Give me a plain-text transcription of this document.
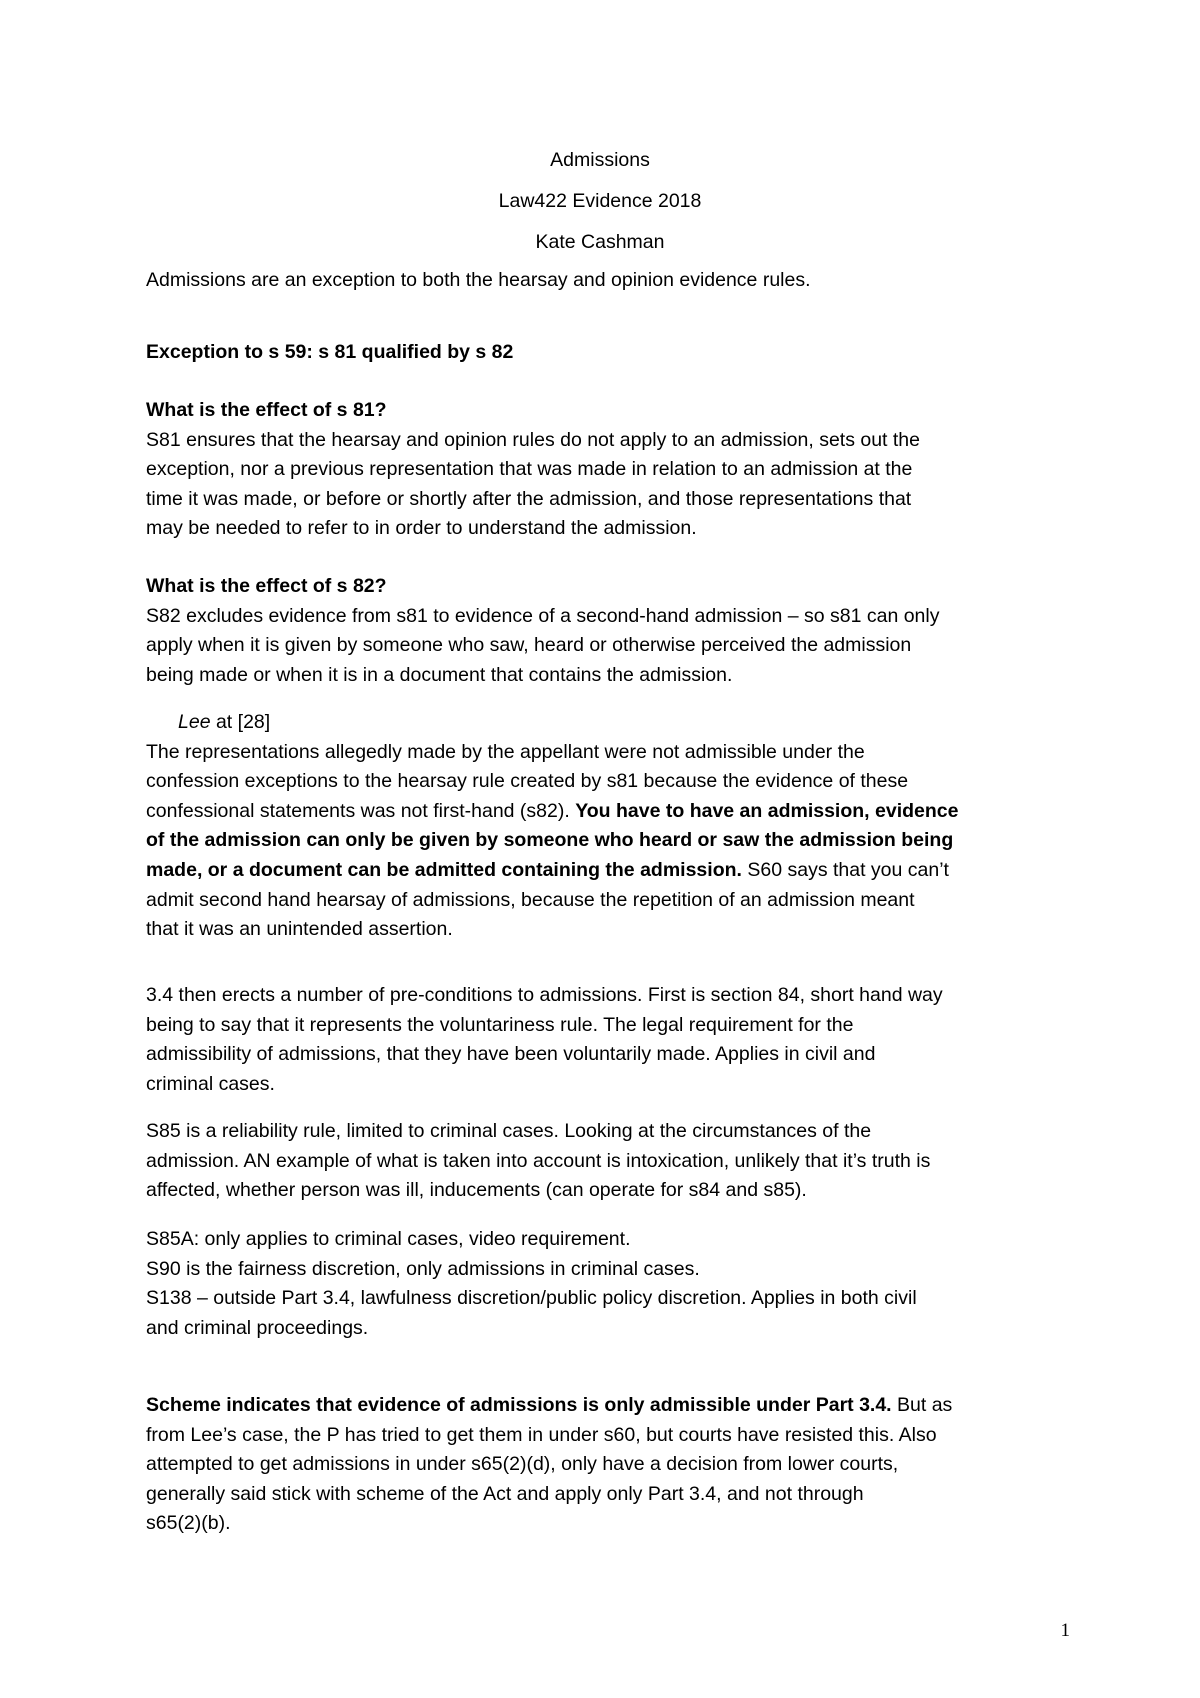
Admissions
Law422 Evidence 2018
Kate Cashman

Admissions are an exception to both the hearsay and opinion evidence rules.

Exception to s 59: s 81 qualified by s 82

What is the effect of s 81?

S81 ensures that the hearsay and opinion rules do not apply to an admission, sets out the

exception, nor a previous representation that was made in relation to an admission at the

time it was made, or before or shortly after the admission, and those representations that

may be needed to refer to in order to understand the admission.

What is the effect of s 82?

S82 excludes evidence from s81 to evidence of a second-hand admission – so s81 can only

apply when it is given by someone who saw, heard or otherwise perceived the admission

being made or when it is in a document that contains the admission.

Lee at [28]

The representations allegedly made by the appellant were not admissible under the

confession exceptions to the hearsay rule created by s81 because the evidence of these

confessional statements was not first-hand (s82). You have to have an admission, evidence

of the admission can only be given by someone who heard or saw the admission being

made, or a document can be admitted containing the admission. S60 says that you can’t

admit second hand hearsay of admissions, because the repetition of an admission meant

that it was an unintended assertion.

3.4 then erects a number of pre-conditions to admissions. First is section 84, short hand way

being to say that it represents the voluntariness rule. The legal requirement for the

admissibility of admissions, that they have been voluntarily made. Applies in civil and

criminal cases.

S85 is a reliability rule, limited to criminal cases. Looking at the circumstances of the

admission. AN example of what is taken into account is intoxication, unlikely that it’s truth is

affected, whether person was ill, inducements (can operate for s84 and s85).

S85A: only applies to criminal cases, video requirement.

S90 is the fairness discretion, only admissions in criminal cases.

S138 – outside Part 3.4, lawfulness discretion/public policy discretion. Applies in both civil

and criminal proceedings.

Scheme indicates that evidence of admissions is only admissible under Part 3.4. But as

from Lee’s case, the P has tried to get them in under s60, but courts have resisted this. Also

attempted to get admissions in under s65(2)(d), only have a decision from lower courts,

generally said stick with scheme of the Act and apply only Part 3.4, and not through

s65(2)(b).

1
